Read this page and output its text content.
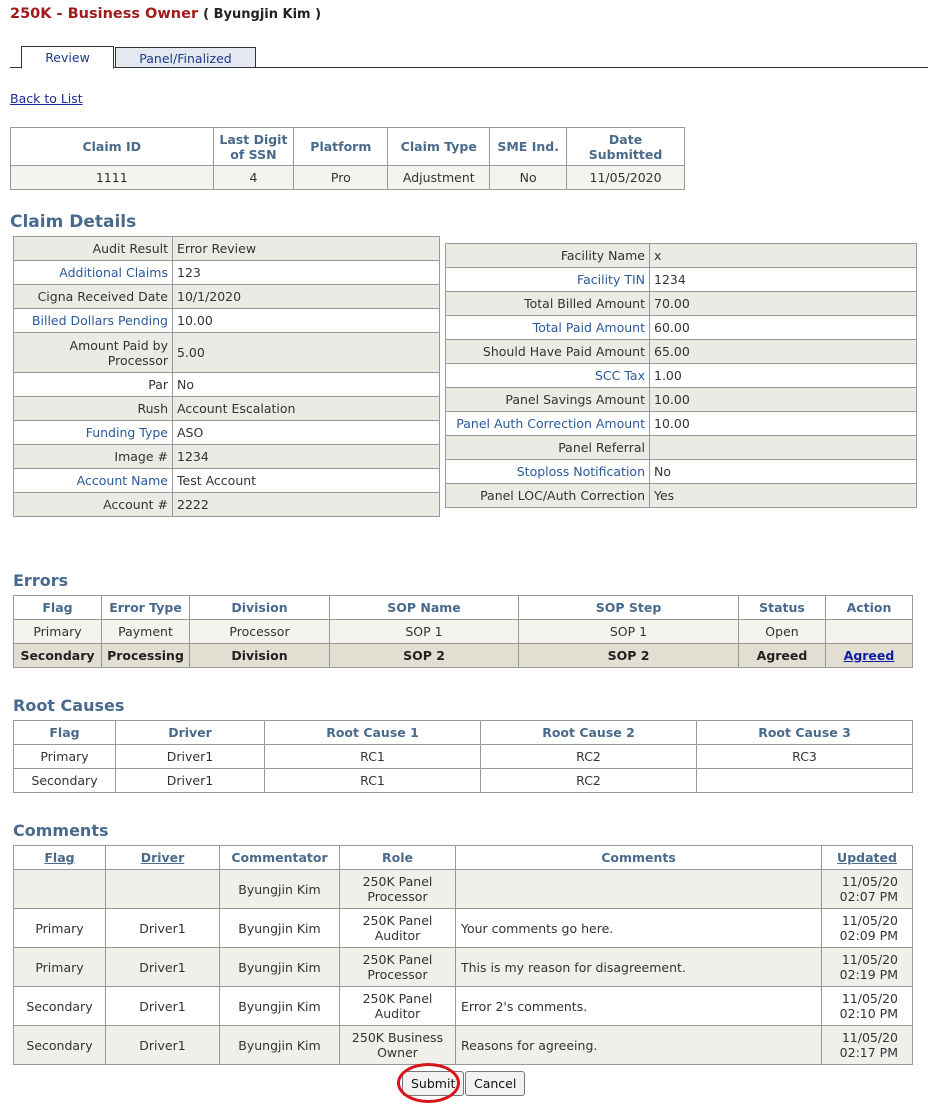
250K - Business Owner ( Byungjin Kim )
Review	Panel/Finalized
Back to List
Claim ID	Last Digit of SSN	Platform	Claim Type	SME Ind.	Date Submitted
1111	4	Pro	Adjustment	No	11/05/2020
Claim Details
Audit Result	Error Review
Additional Claims	123
Cigna Received Date	10/1/2020
Billed Dollars Pending	10.00
Amount Paid by Processor	5.00
Par	No
Rush	Account Escalation
Funding Type	ASO
Image #	1234
Account Name	Test Account
Account #	2222
Facility Name	x
Facility TIN	1234
Total Billed Amount	70.00
Total Paid Amount	60.00
Should Have Paid Amount	65.00
SCC Tax	1.00
Panel Savings Amount	10.00
Panel Auth Correction Amount	10.00
Panel Referral	
Stoploss Notification	No
Panel LOC/Auth Correction	Yes
Errors
Flag	Error Type	Division	SOP Name	SOP Step	Status	Action
Primary	Payment	Processor	SOP 1	SOP 1	Open	
Secondary	Processing	Division	SOP 2	SOP 2	Agreed	Agreed
Root Causes
Flag	Driver	Root Cause 1	Root Cause 2	Root Cause 3
Primary	Driver1	RC1	RC2	RC3
Secondary	Driver1	RC1	RC2	
Comments
Flag	Driver	Commentator	Role	Comments	Updated
		Byungjin Kim	250K Panel Processor		11/05/20 02:07 PM
Primary	Driver1	Byungjin Kim	250K Panel Auditor	Your comments go here.	11/05/20 02:09 PM
Primary	Driver1	Byungjin Kim	250K Panel Processor	This is my reason for disagreement.	11/05/20 02:19 PM
Secondary	Driver1	Byungjin Kim	250K Panel Auditor	Error 2's comments.	11/05/20 02:10 PM
Secondary	Driver1	Byungjin Kim	250K Business Owner	Reasons for agreeing.	11/05/20 02:17 PM
Submit	Cancel
